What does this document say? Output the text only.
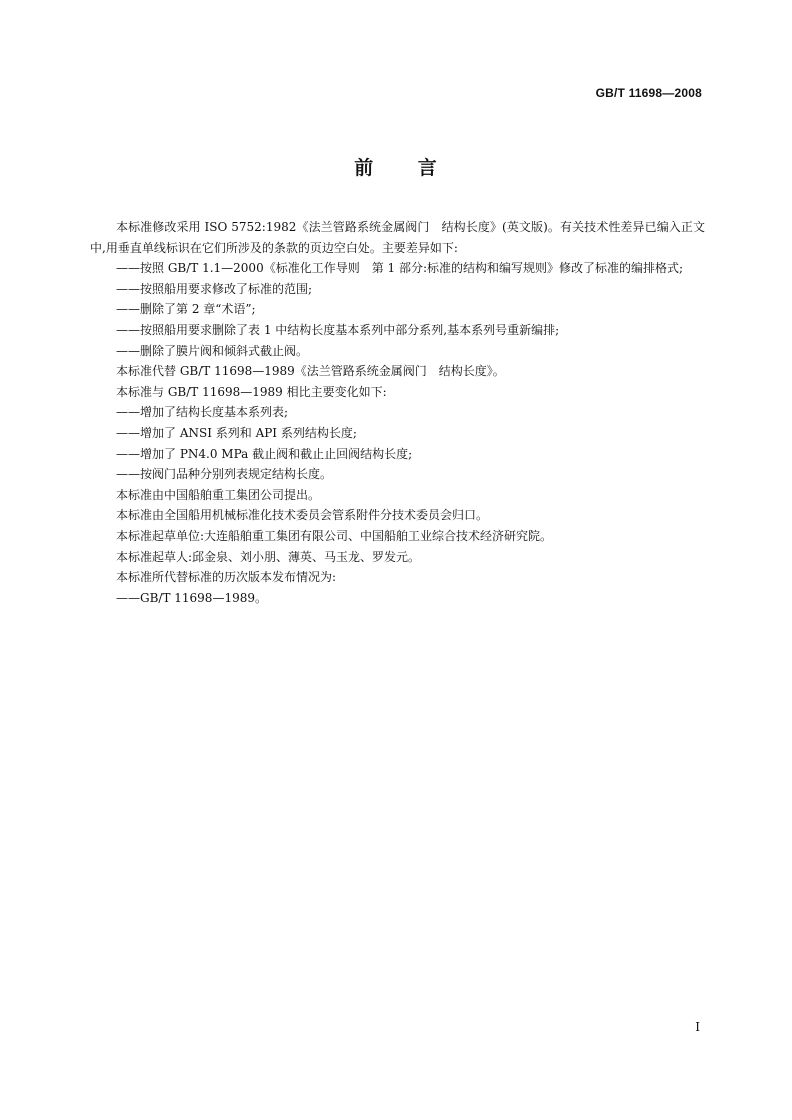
GB/T 11698—2008
前 言
本标准修改采用 ISO 5752:1982《法兰管路系统金属阀门　结构长度》(英文版)。有关技术性差异已编入正文中,用垂直单线标识在它们所涉及的条款的页边空白处。主要差异如下:
——按照 GB/T 1.1—2000《标准化工作导则　第 1 部分:标准的结构和编写规则》修改了标准的编排格式;
——按照船用要求修改了标准的范围;
——删除了第 2 章“术语”;
——按照船用要求删除了表 1 中结构长度基本系列中部分系列,基本系列号重新编排;
——删除了膜片阀和倾斜式截止阀。
本标准代替 GB/T 11698—1989《法兰管路系统金属阀门　结构长度》。
本标准与 GB/T 11698—1989 相比主要变化如下:
——增加了结构长度基本系列表;
——增加了 ANSI 系列和 API 系列结构长度;
——增加了 PN4.0 MPa 截止阀和截止止回阀结构长度;
——按阀门品种分别列表规定结构长度。
本标准由中国船舶重工集团公司提出。
本标准由全国船用机械标准化技术委员会管系附件分技术委员会归口。
本标准起草单位:大连船舶重工集团有限公司、中国船舶工业综合技术经济研究院。
本标准起草人:邱金泉、刘小朋、薄英、马玉龙、罗发元。
本标准所代替标准的历次版本发布情况为:
——GB/T 11698—1989。
I
